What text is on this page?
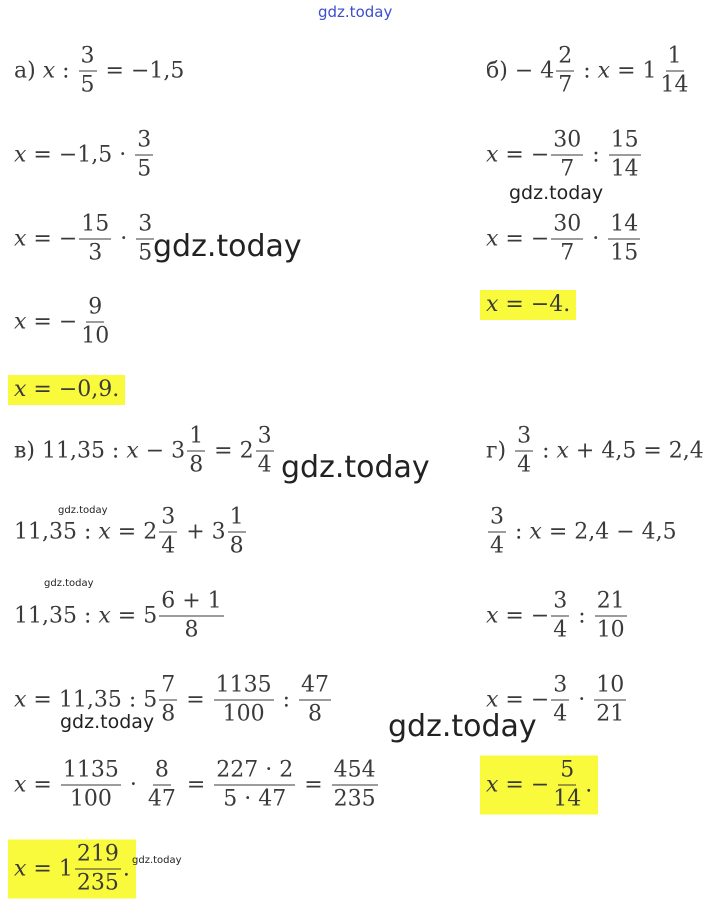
а) x : $\frac{3}{5} = -1,5$
$x = -1,5 \cdot \frac{3}{5}$
x = − $\frac{15}{3} \cdot \frac{3}{5}$
x = − $\frac{9}{10}$
x = −0,9.
$б) - 4 \frac{2}{7}$ : $x = 1 \frac{1}{14}$
x = − $\frac{30}{7}$ : $\frac{15}{14}$
x = − $\frac{30}{7} \cdot \frac{14}{15}$
x = −4.
в) 11,35 : $x - 3 \frac{1}{8} = 2 \frac{3}{4}$
11,35 : $x = 2 \frac{3}{4} + 3 \frac{1}{8}$
11,35 : $x = 5 \frac{6 + 1}{8}$
x = 11,35 : $5 \frac{7}{8} = \frac{1135}{100}$ : $\frac{47}{8}$
$x = \frac{1135}{100} \cdot \frac{8}{47} = \frac{227 \cdot 2}{5 \cdot 47} = \frac{454}{235}$
$x = 1 \frac{219}{235}$ .
$г) \frac{3}{4}$ : x + 4,5 = 2,4
$\frac{3}{4}$ : x = 2,4 − 4,5
x = − $\frac{3}{4}$ : $\frac{21}{10}$
x = − $\frac{3}{4} \cdot \frac{10}{21}$
x = − $\frac{5}{14}$ .
gdz.today
gdz.today
gdz.today
gdz.today
gdz.today
gdz.today
gdz.today	gdz.today
gdz.today
